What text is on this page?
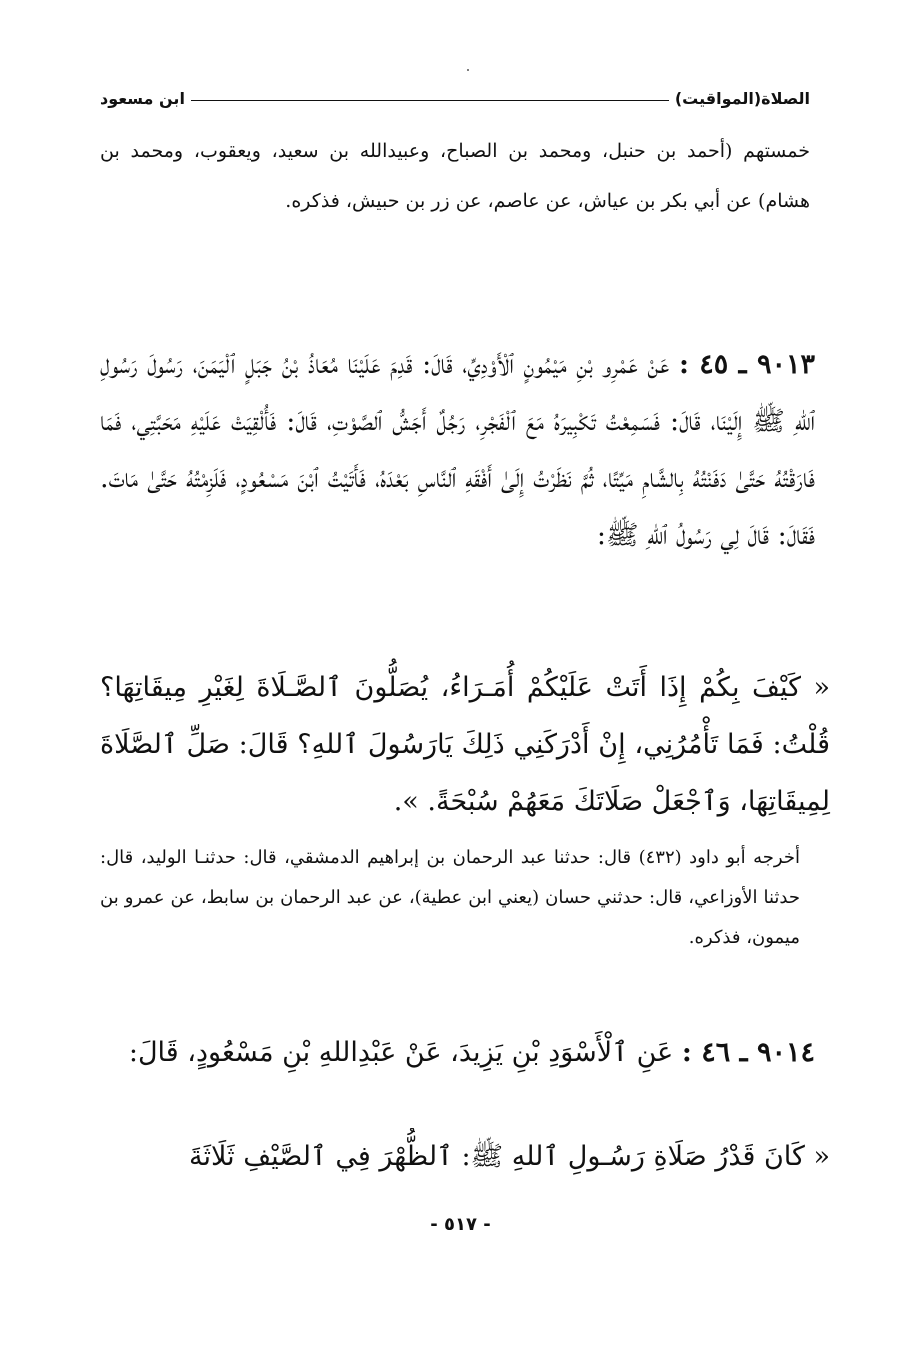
الصلاة(المواقيت)
ابن مسعود
خمستهم (أحمد بن حنبل، ومحمد بن الصباح، وعبيدالله بن سعيد، ويعقوب، ومحمد بن هشام) عن أبي بكر بن عياش، عن عاصم، عن زر بن حبيش، فذكره.
٩٠١٣ ـ ٤٥ : عَنْ عَمْرِو بْنِ مَيْمُونٍ ٱلْأَوْدِيِّ، قَالَ: قَدِمَ عَلَيْنَا مُعَاذُ بْنُ جَبَلٍ ٱلْيَمَنَ، رَسُولَ رَسُولِ ٱللهِ ﷺ إِلَيْنَا، قَالَ: فَسَمِعْتُ تَكْبِيرَهُ مَعَ ٱلْفَجْرِ، رَجُلٌ أَجَشُّ ٱلصَّوْتِ، قَالَ: فَأُلْقِيَتْ عَلَيْهِ مَحَبَّتِي، فَمَا فَارَقْتُهُ حَتَّىٰ دَفَنْتُهُ بِالشَّامِ مَيِّتًا، ثُمَّ نَظَرْتُ إِلَىٰ أَفْقَهِ ٱلنَّاسِ بَعْدَهُ، فَأَتَيْتُ ٱبْنَ مَسْعُودٍ، فَلَزِمْتُهُ حَتَّىٰ مَاتَ. فَقَالَ: قَالَ لِي رَسُولُ ٱللهِ ﷺ:
« كَيْفَ بِكُمْ إِذَا أَتَتْ عَلَيْكُمْ أُمَـرَاءُ، يُصَلُّونَ ٱلصَّـلَاةَ لِغَيْرِ مِيقَاتِهَا؟ قُلْتُ: فَمَا تَأْمُرُنِي، إِنْ أَدْرَكَنِي ذَلِكَ يَارَسُولَ ٱللهِ؟ قَالَ: صَلِّ ٱلصَّلَاةَ لِمِيقَاتِهَا، وَٱجْعَلْ صَلَاتَكَ مَعَهُمْ سُبْحَةً. ».
أخرجه أبو داود (٤٣٢) قال: حدثنا عبد الرحمان بن إبراهيم الدمشقي، قال: حدثنـا الوليد، قال: حدثنا الأوزاعي، قال: حدثني حسان (يعني ابن عطية)، عن عبد الرحمان بن سابط، عن عمرو بن ميمون، فذكره.
٩٠١٤ ـ ٤٦ : عَنِ ٱلْأَسْوَدِ بْنِ يَزِيدَ، عَنْ عَبْدِاللهِ بْنِ مَسْعُودٍ، قَالَ:
« كَانَ قَدْرُ صَلَاةِ رَسُـولِ ٱللهِ ﷺ: ٱلظُّهْرَ فِي ٱلصَّيْفِ ثَلَاثَةَ
- ٥١٧ -
